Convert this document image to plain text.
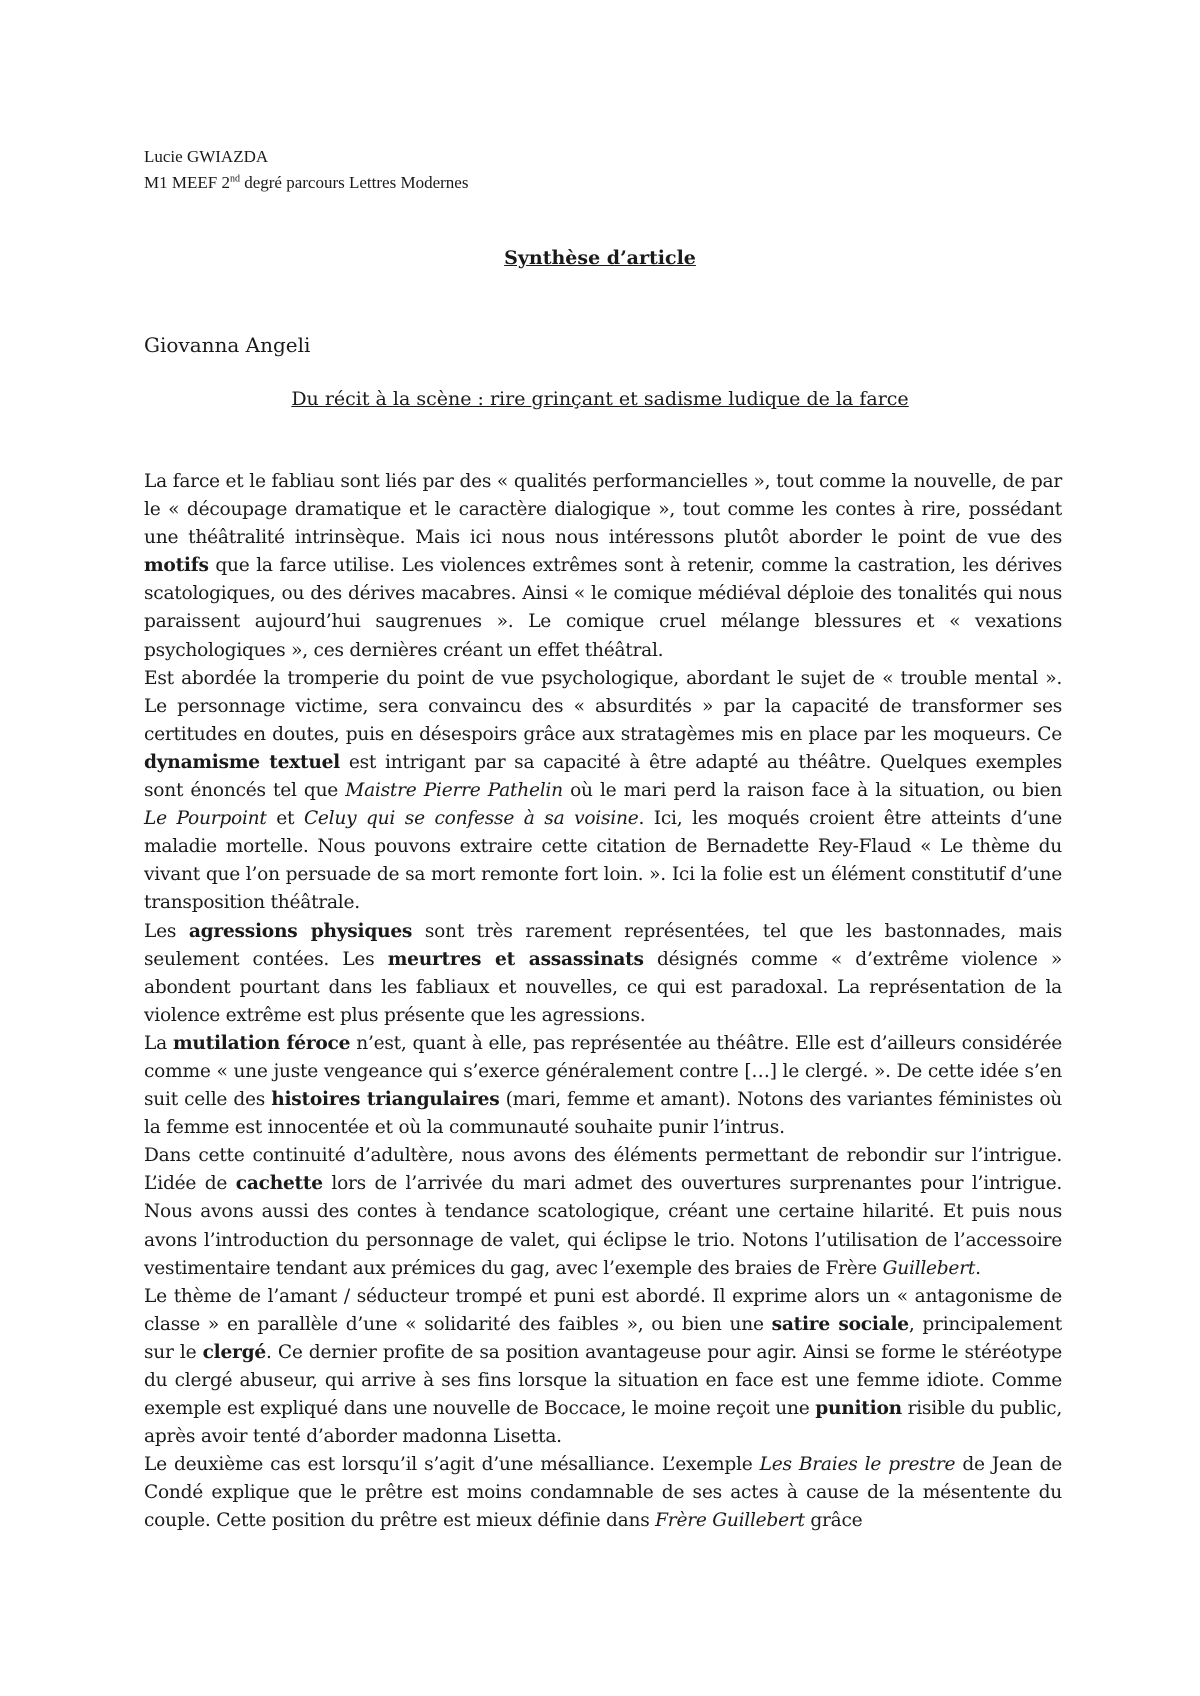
Lucie GWIAZDA
M1 MEEF 2nd degré parcours Lettres Modernes
Synthèse d’article
Giovanna Angeli
Du récit à la scène : rire grinçant et sadisme ludique de la farce

La farce et le fabliau sont liés par des « qualités performancielles », tout comme la nouvelle, de par le « découpage dramatique et le caractère dialogique », tout comme les contes à rire, possédant une théâtralité intrinsèque. Mais ici nous nous intéressons plutôt aborder le point de vue des motifs que la farce utilise. Les violences extrêmes sont à retenir, comme la castration, les dérives scatologiques, ou des dérives macabres. Ainsi « le comique médiéval déploie des tonalités qui nous paraissent aujourd’hui saugrenues ». Le comique cruel mélange blessures et « vexations psychologiques », ces dernières créant un effet théâtral.

Est abordée la tromperie du point de vue psychologique, abordant le sujet de « trouble mental ». Le personnage victime, sera convaincu des « absurdités » par la capacité de transformer ses certitudes en doutes, puis en désespoirs grâce aux stratagèmes mis en place par les moqueurs. Ce dynamisme textuel est intrigant par sa capacité à être adapté au théâtre. Quelques exemples sont énoncés tel que Maistre Pierre Pathelin où le mari perd la raison face à la situation, ou bien Le Pourpoint et Celuy qui se confesse à sa voisine. Ici, les moqués croient être atteints d’une maladie mortelle. Nous pouvons extraire cette citation de Bernadette Rey-Flaud « Le thème du vivant que l’on persuade de sa mort remonte fort loin. ». Ici la folie est un élément constitutif d’une transposition théâtrale.

Les agressions physiques sont très rarement représentées, tel que les bastonnades, mais seulement contées. Les meurtres et assassinats désignés comme « d’extrême violence » abondent pourtant dans les fabliaux et nouvelles, ce qui est paradoxal. La représentation de la violence extrême est plus présente que les agressions.

La mutilation féroce n’est, quant à elle, pas représentée au théâtre. Elle est d’ailleurs considérée comme « une juste vengeance qui s’exerce généralement contre […] le clergé. ». De cette idée s’en suit celle des histoires triangulaires (mari, femme et amant). Notons des variantes féministes où la femme est innocentée et où la communauté souhaite punir l’intrus.

Dans cette continuité d’adultère, nous avons des éléments permettant de rebondir sur l’intrigue. L’idée de cachette lors de l’arrivée du mari admet des ouvertures surprenantes pour l’intrigue. Nous avons aussi des contes à tendance scatologique, créant une certaine hilarité. Et puis nous avons l’introduction du personnage de valet, qui éclipse le trio. Notons l’utilisation de l’accessoire vestimentaire tendant aux prémices du gag, avec l’exemple des braies de Frère Guillebert.

Le thème de l’amant / séducteur trompé et puni est abordé. Il exprime alors un « antagonisme de classe » en parallèle d’une « solidarité des faibles », ou bien une satire sociale, principalement sur le clergé. Ce dernier profite de sa position avantageuse pour agir. Ainsi se forme le stéréotype du clergé abuseur, qui arrive à ses fins lorsque la situation en face est une femme idiote. Comme exemple est expliqué dans une nouvelle de Boccace, le moine reçoit une punition risible du public, après avoir tenté d’aborder madonna Lisetta.

Le deuxième cas est lorsqu’il s’agit d’une mésalliance. L’exemple Les Braies le prestre de Jean de Condé explique que le prêtre est moins condamnable de ses actes à cause de la mésentente du couple. Cette position du prêtre est mieux définie dans Frère Guillebert grâce
